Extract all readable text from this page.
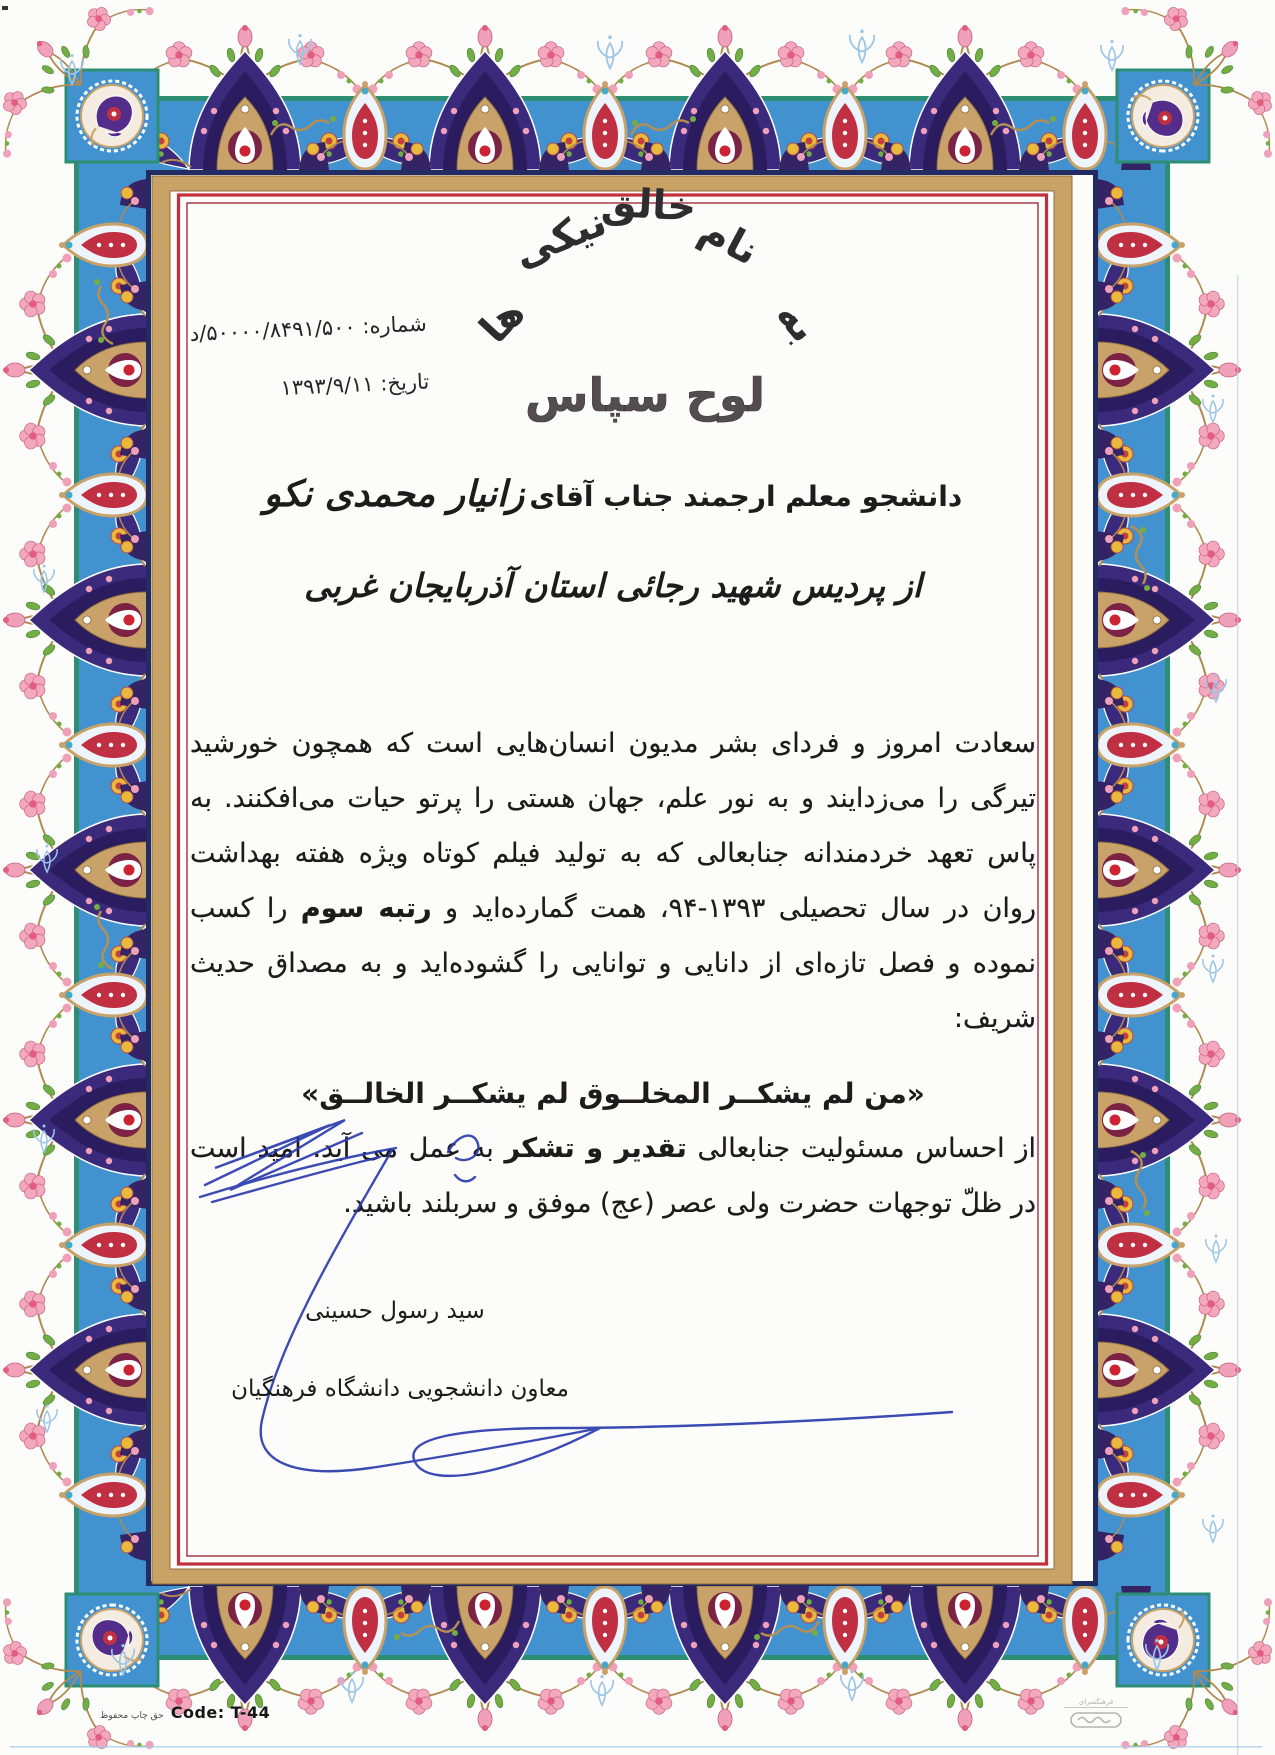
به
نام
خالق
نیکی
ها
شماره: ۵۰۰۰۰/۸۴۹۱/۵۰۰/د
تاریخ: ۱۳۹۳/۹/۱۱	لوح سپاس
دانشجو معلم ارجمند جناب آقای زانیار محمدی نکو
از پردیس شهید رجائی استان آذربایجان غربی
سعادت امروز و فردای بشر مدیون انسان‌هایی است که همچون خورشید
تیرگی را می‌زدایند و به نور علم، جهان هستی را پرتو حیات می‌افکنند. به
پاس تعهد خردمندانه جنابعالی که به تولید فیلم کوتاه ویژه هفته بهداشت
روان در سال تحصیلی ۱۳۹۳-۹۴، همت گمارده‌اید و رتبه سوم را کسب
نموده و فصل تازه‌ای از دانایی و توانایی را گشوده‌اید و به مصداق حدیث
شریف:
«من لم یشکــر المخلــوق لم یشکــر الخالــق»
از احساس مسئولیت جنابعالی تقدیر و تشکر به عمل می آید. امید است
در ظلّ توجهات حضرت ولی عصر (عج) موفق و سربلند باشید.
سید رسول حسینی
معاون دانشجویی دانشگاه فرهنگیان
حق چاپ محفوظ Code: T-44
فرهنگسرای
